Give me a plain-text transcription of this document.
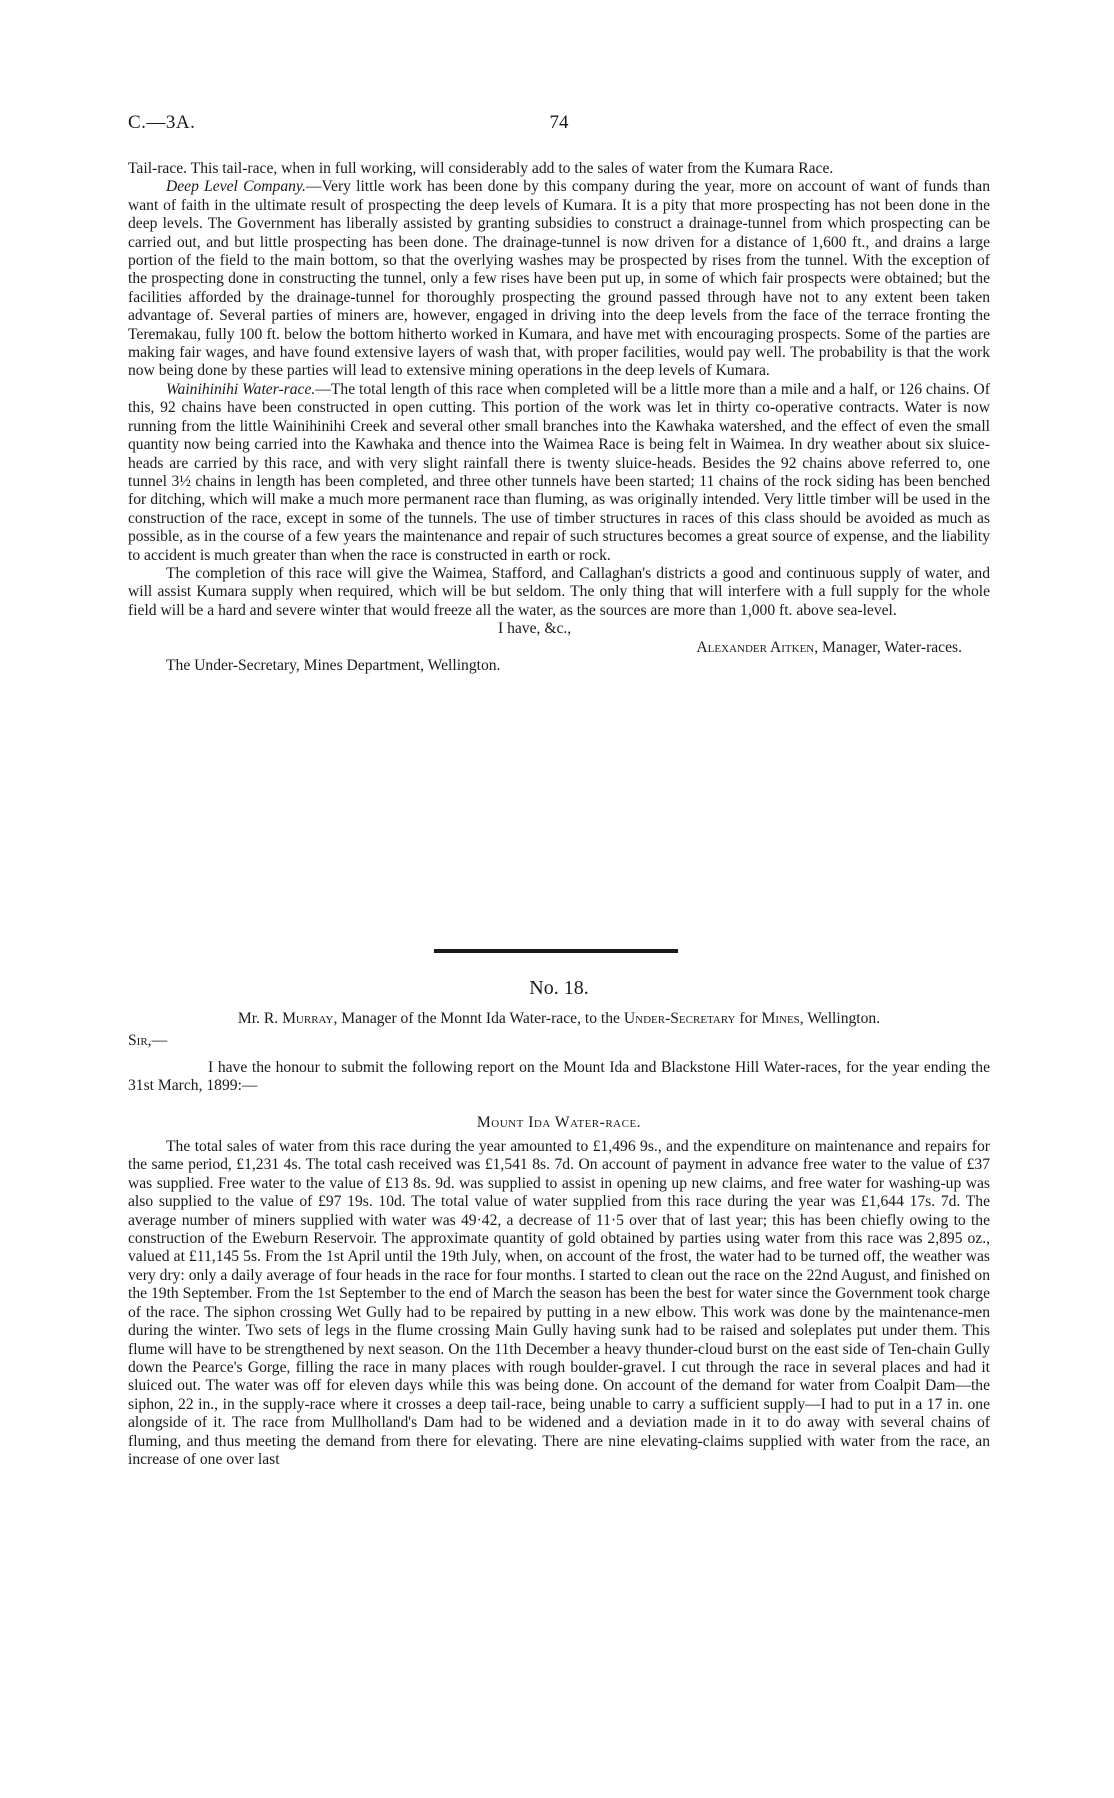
C.—3A.	74

Tail-race. This tail-race, when in full working, will considerably add to the sales of water from the Kumara Race.

Deep Level Company.—Very little work has been done by this company during the year, more on account of want of funds than want of faith in the ultimate result of prospecting the deep levels of Kumara. It is a pity that more prospecting has not been done in the deep levels. The Government has liberally assisted by granting subsidies to construct a drainage-tunnel from which prospecting can be carried out, and but little prospecting has been done. The drainage-tunnel is now driven for a distance of 1,600 ft., and drains a large portion of the field to the main bottom, so that the overlying washes may be prospected by rises from the tunnel. With the exception of the prospecting done in constructing the tunnel, only a few rises have been put up, in some of which fair prospects were obtained; but the facilities afforded by the drainage-tunnel for thoroughly prospecting the ground passed through have not to any extent been taken advantage of. Several parties of miners are, however, engaged in driving into the deep levels from the face of the terrace fronting the Teremakau, fully 100 ft. below the bottom hitherto worked in Kumara, and have met with encouraging prospects. Some of the parties are making fair wages, and have found extensive layers of wash that, with proper facilities, would pay well. The probability is that the work now being done by these parties will lead to extensive mining operations in the deep levels of Kumara.

Wainihinihi Water-race.—The total length of this race when completed will be a little more than a mile and a half, or 126 chains. Of this, 92 chains have been constructed in open cutting. This portion of the work was let in thirty co-operative contracts. Water is now running from the little Wainihinihi Creek and several other small branches into the Kawhaka watershed, and the effect of even the small quantity now being carried into the Kawhaka and thence into the Waimea Race is being felt in Waimea. In dry weather about six sluice-heads are carried by this race, and with very slight rainfall there is twenty sluice-heads. Besides the 92 chains above referred to, one tunnel 3½ chains in length has been completed, and three other tunnels have been started; 11 chains of the rock siding has been benched for ditching, which will make a much more permanent race than fluming, as was originally intended. Very little timber will be used in the construction of the race, except in some of the tunnels. The use of timber structures in races of this class should be avoided as much as possible, as in the course of a few years the maintenance and repair of such structures becomes a great source of expense, and the liability to accident is much greater than when the race is constructed in earth or rock.

The completion of this race will give the Waimea, Stafford, and Callaghan's districts a good and continuous supply of water, and will assist Kumara supply when required, which will be but seldom. The only thing that will interfere with a full supply for the whole field will be a hard and severe winter that would freeze all the water, as the sources are more than 1,000 ft. above sea-level.

I have, &c.,
Alexander Aitken, Manager, Water-races.
The Under-Secretary, Mines Department, Wellington.
No. 18.
Mr. R. Murray, Manager of the Monnt Ida Water-race, to the Under-Secretary for Mines, Wellington.
Sir,—

I have the honour to submit the following report on the Mount Ida and Blackstone Hill Water-races, for the year ending the 31st March, 1899:—

Mount Ida Water-race.

The total sales of water from this race during the year amounted to £1,496 9s., and the expenditure on maintenance and repairs for the same period, £1,231 4s. The total cash received was £1,541 8s. 7d. On account of payment in advance free water to the value of £37 was supplied. Free water to the value of £13 8s. 9d. was supplied to assist in opening up new claims, and free water for washing-up was also supplied to the value of £97 19s. 10d. The total value of water supplied from this race during the year was £1,644 17s. 7d. The average number of miners supplied with water was 49·42, a decrease of 11·5 over that of last year; this has been chiefly owing to the construction of the Eweburn Reservoir. The approximate quantity of gold obtained by parties using water from this race was 2,895 oz., valued at £11,145 5s. From the 1st April until the 19th July, when, on account of the frost, the water had to be turned off, the weather was very dry: only a daily average of four heads in the race for four months. I started to clean out the race on the 22nd August, and finished on the 19th September. From the 1st September to the end of March the season has been the best for water since the Government took charge of the race. The siphon crossing Wet Gully had to be repaired by putting in a new elbow. This work was done by the maintenance-men during the winter. Two sets of legs in the flume crossing Main Gully having sunk had to be raised and soleplates put under them. This flume will have to be strengthened by next season. On the 11th December a heavy thunder-cloud burst on the east side of Ten-chain Gully down the Pearce's Gorge, filling the race in many places with rough boulder-gravel. I cut through the race in several places and had it sluiced out. The water was off for eleven days while this was being done. On account of the demand for water from Coalpit Dam—the siphon, 22 in., in the supply-race where it crosses a deep tail-race, being unable to carry a sufficient supply—I had to put in a 17 in. one alongside of it. The race from Mullholland's Dam had to be widened and a deviation made in it to do away with several chains of fluming, and thus meeting the demand from there for elevating. There are nine elevating-claims supplied with water from the race, an increase of one over last
